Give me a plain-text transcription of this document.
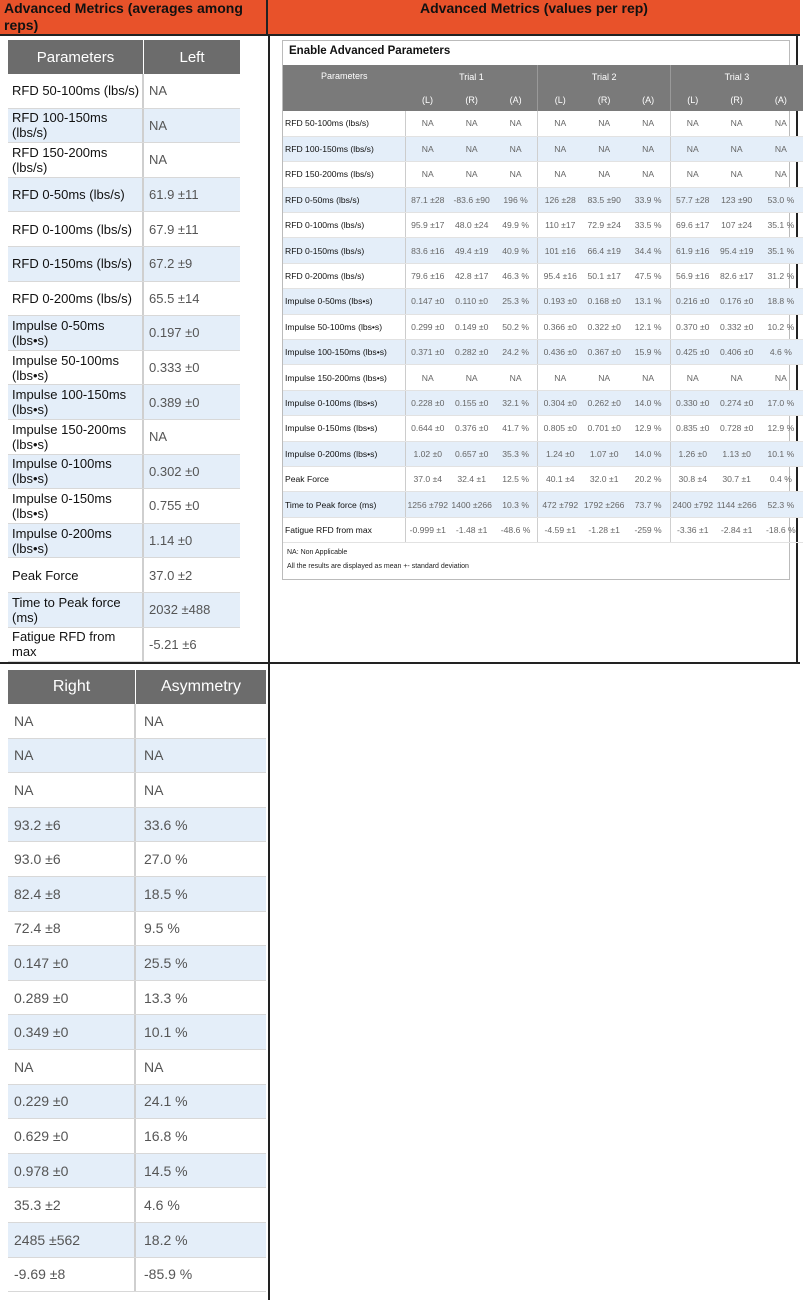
Advanced Metrics (averages among reps)
Advanced Metrics (values per rep)
Parameters	Left
RFD 50-100ms (lbs/s) NA
RFD 100-150ms (lbs/s)	NA
RFD 150-200ms (lbs/s)	NA
RFD 0-50ms (lbs/s)	61.9 ±11
RFD 0-100ms (lbs/s)	67.9 ±11
RFD 0-150ms (lbs/s)	67.2 ±9
RFD 0-200ms (lbs/s)	65.5 ±14
Impulse 0-50ms (lbs•s)	0.197 ±0
Impulse 50-100ms (lbs•s)	0.333 ±0
Impulse 100-150ms (lbs•s)	0.389 ±0
Impulse 150-200ms (lbs•s)	NA
Impulse 0-100ms (lbs•s)	0.302 ±0
Impulse 0-150ms (lbs•s)	0.755 ±0
Impulse 0-200ms (lbs•s)	1.14 ±0
Peak Force	37.0 ±2
Time to Peak force (ms)	2032 ±488
Fatigue RFD from max	-5.21 ±6
Right	Asymmetry
NA	NA
NA	NA
NA	NA
93.2 ±6	33.6 %
93.0 ±6	27.0 %
82.4 ±8	18.5 %
72.4 ±8	9.5 %
0.147 ±0	25.5 %
0.289 ±0	13.3 %
0.349 ±0	10.1 %
NA	NA
0.229 ±0	24.1 %
0.629 ±0	16.8 %
0.978 ±0	14.5 %
35.3 ±2	4.6 %
2485 ±562	18.2 %
-9.69 ±8	-85.9 %
Enable Advanced Parameters
Parameters	Trial 1			Trial 2			Trial 3		
	(L)	(R)	(A)	(L)	(R)	(A)	(L)	(R)	(A)
RFD 50-100ms (lbs/s)	NA	NA	NA	NA	NA	NA	NA	NA	NA
RFD 100-150ms (lbs/s)	NA	NA	NA	NA	NA	NA	NA	NA	NA
RFD 150-200ms (lbs/s)	NA	NA	NA	NA	NA	NA	NA	NA	NA
RFD 0-50ms (lbs/s)	87.1 ±28	-83.6 ±90	196 %	126 ±28	83.5 ±90	33.9 %	57.7 ±28	123 ±90	53.0 %
RFD 0-100ms (lbs/s)	95.9 ±17	48.0 ±24	49.9 %	110 ±17	72.9 ±24	33.5 %	69.6 ±17	107 ±24	35.1 %
RFD 0-150ms (lbs/s)	83.6 ±16	49.4 ±19	40.9 %	101 ±16	66.4 ±19	34.4 %	61.9 ±16	95.4 ±19	35.1 %
RFD 0-200ms (lbs/s)	79.6 ±16	42.8 ±17	46.3 %	95.4 ±16	50.1 ±17	47.5 %	56.9 ±16	82.6 ±17	31.2 %
Impulse 0-50ms (lbs•s)	0.147 ±0	0.110 ±0	25.3 %	0.193 ±0	0.168 ±0	13.1 %	0.216 ±0	0.176 ±0	18.8 %
Impulse 50-100ms (lbs•s)	0.299 ±0	0.149 ±0	50.2 %	0.366 ±0	0.322 ±0	12.1 %	0.370 ±0	0.332 ±0	10.2 %
Impulse 100-150ms (lbs•s)	0.371 ±0	0.282 ±0	24.2 %	0.436 ±0	0.367 ±0	15.9 %	0.425 ±0	0.406 ±0	4.6 %
Impulse 150-200ms (lbs•s)	NA	NA	NA	NA	NA	NA	NA	NA	NA
Impulse 0-100ms (lbs•s)	0.228 ±0	0.155 ±0	32.1 %	0.304 ±0	0.262 ±0	14.0 %	0.330 ±0	0.274 ±0	17.0 %
Impulse 0-150ms (lbs•s)	0.644 ±0	0.376 ±0	41.7 %	0.805 ±0	0.701 ±0	12.9 %	0.835 ±0	0.728 ±0	12.9 %
Impulse 0-200ms (lbs•s)	1.02 ±0	0.657 ±0	35.3 %	1.24 ±0	1.07 ±0	14.0 %	1.26 ±0	1.13 ±0	10.1 %
Peak Force	37.0 ±4	32.4 ±1	12.5 %	40.1 ±4	32.0 ±1	20.2 %	30.8 ±4	30.7 ±1	0.4 %
Time to Peak force (ms)	1256 ±792	1400 ±266	10.3 %	472 ±792	1792 ±266	73.7 %	2400 ±792	1144 ±266	52.3 %
Fatigue RFD from max	-0.999 ±1	-1.48 ±1	-48.6 %	-4.59 ±1	-1.28 ±1	-259 %	-3.36 ±1	-2.84 ±1	-18.6 %
NA: Non Applicable
All the results are displayed as mean +- standard deviation
